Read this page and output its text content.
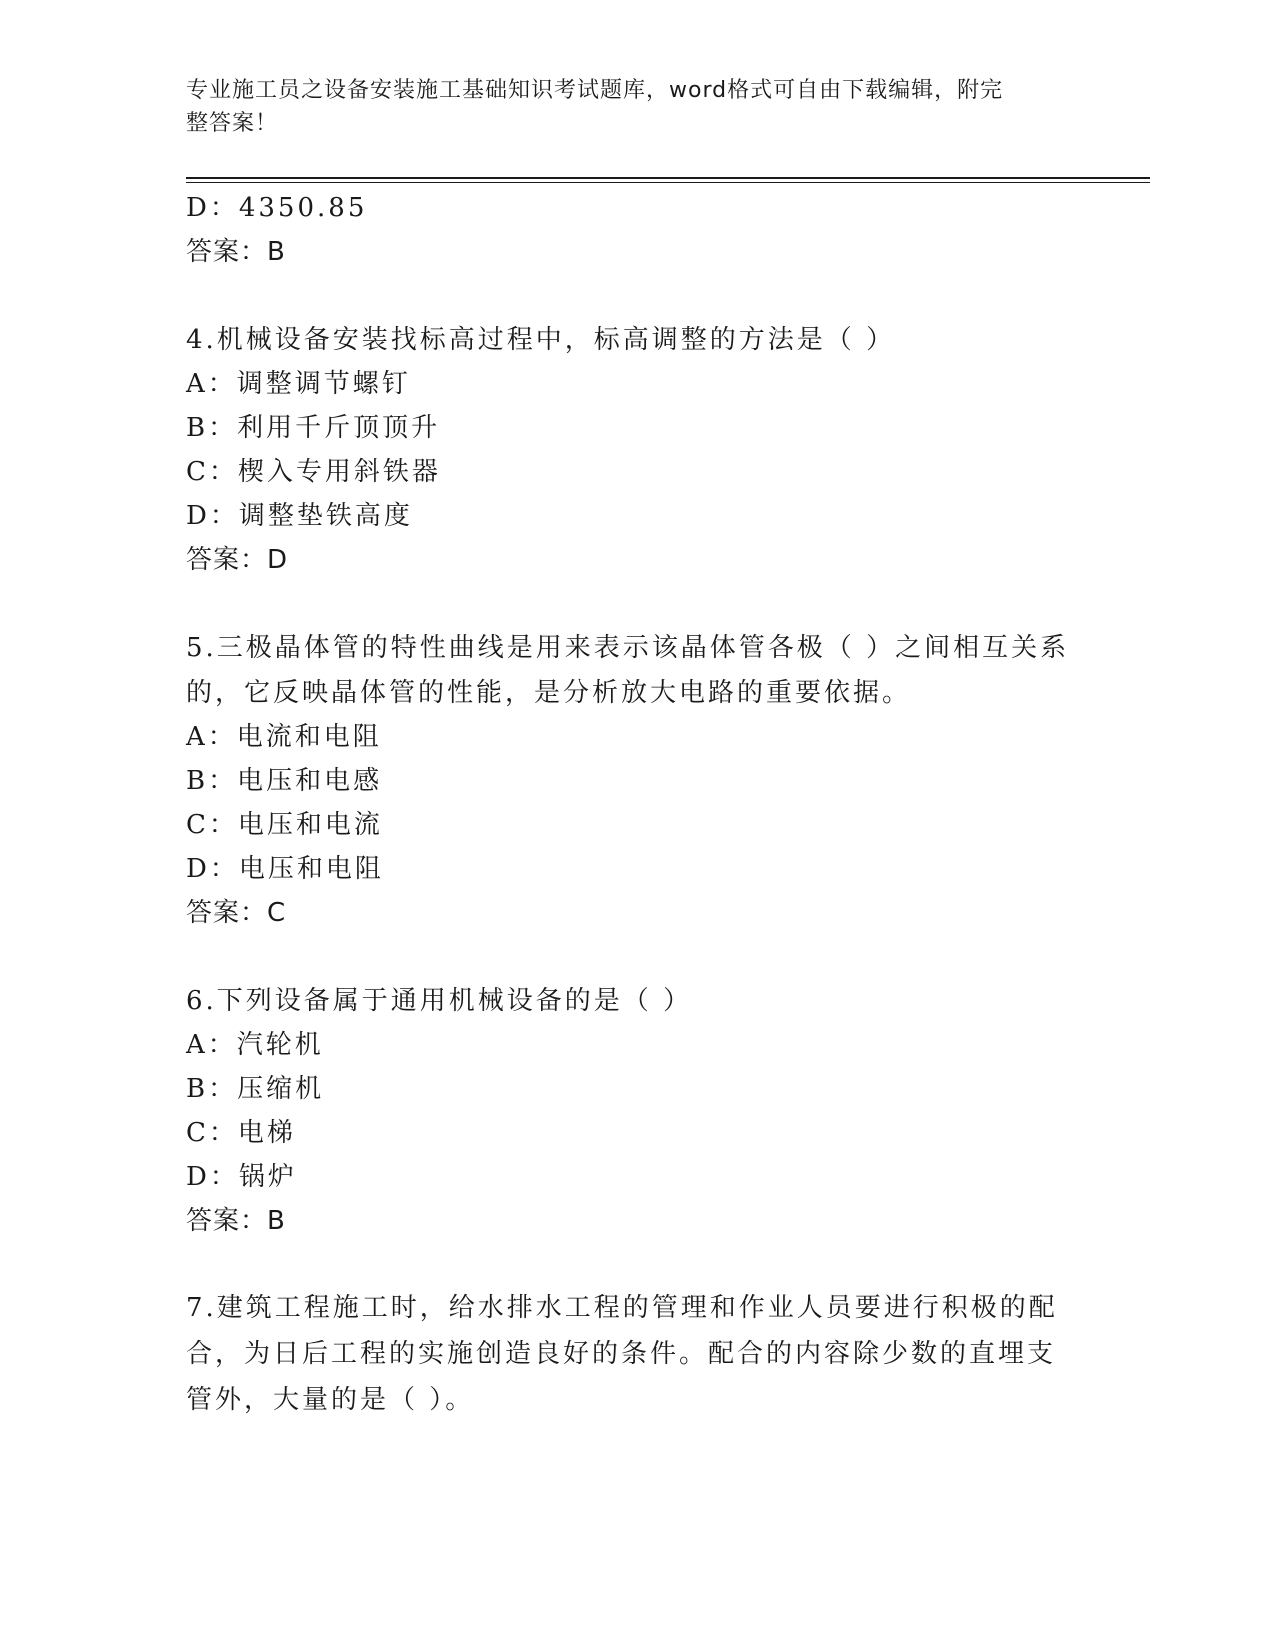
专业施工员之设备安装施工基础知识考试题库，word格式可自由下载编辑，附完
整答案！
D：4350.85
答案：B
4.机械设备安装找标高过程中，标高调整的方法是（ ）
A：调整调节螺钉
B：利用千斤顶顶升
C：楔入专用斜铁器
D：调整垫铁高度
答案：D
5.三极晶体管的特性曲线是用来表示该晶体管各极（ ）之间相互关系
的，它反映晶体管的性能，是分析放大电路的重要依据。
A：电流和电阻
B：电压和电感
C：电压和电流
D：电压和电阻
答案：C
6.下列设备属于通用机械设备的是（ ）
A：汽轮机
B：压缩机
C：电梯
D：锅炉
答案：B
7.建筑工程施工时，给水排水工程的管理和作业人员要进行积极的配
合，为日后工程的实施创造良好的条件。配合的内容除少数的直埋支
管外，大量的是（ ）。
